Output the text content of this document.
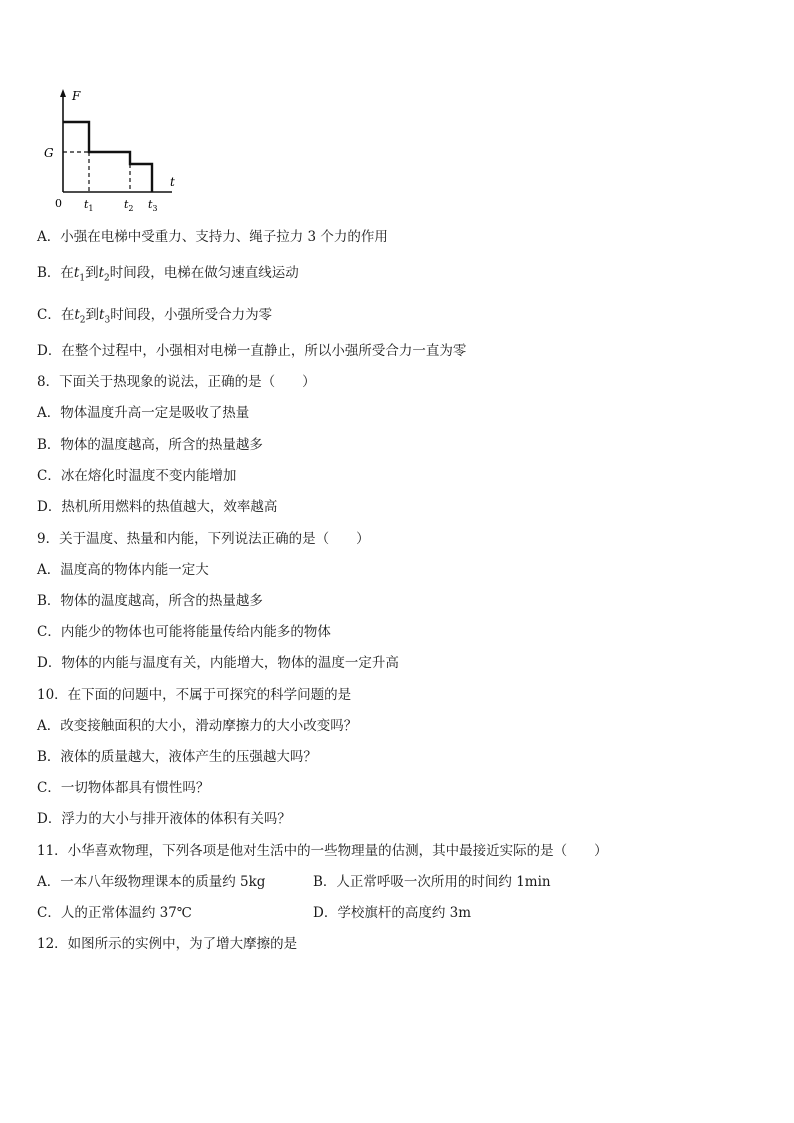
F
t
G
0 $t_1$	$t_2$ $t_3$
A．小强在电梯中受重力、支持力、绳子拉力 3 个力的作用
B．在$t_1$到$t_2$时间段，电梯在做匀速直线运动
C．在$t_2$到$t_3$时间段，小强所受合力为零
D．在整个过程中，小强相对电梯一直静止，所以小强所受合力一直为零
8．下面关于热现象的说法，正确的是（　　）
A．物体温度升高一定是吸收了热量
B．物体的温度越高，所含的热量越多
C．冰在熔化时温度不变内能增加
D．热机所用燃料的热值越大，效率越高
9．关于温度、热量和内能，下列说法正确的是（　　）
A．温度高的物体内能一定大
B．物体的温度越高，所含的热量越多
C．内能少的物体也可能将能量传给内能多的物体
D．物体的内能与温度有关，内能增大，物体的温度一定升高
10．在下面的问题中，不属于可探究的科学问题的是
A．改变接触面积的大小，滑动摩擦力的大小改变吗？
B．液体的质量越大，液体产生的压强越大吗？
C．一切物体都具有惯性吗？
D．浮力的大小与排开液体的体积有关吗？
11．小华喜欢物理，下列各项是他对生活中的一些物理量的估测，其中最接近实际的是（　　）
A．一本八年级物理课本的质量约 5kg	B．人正常呼吸一次所用的时间约 1min
C．人的正常体温约 37℃	D．学校旗杆的高度约 3m
12．如图所示的实例中，为了增大摩擦的是
